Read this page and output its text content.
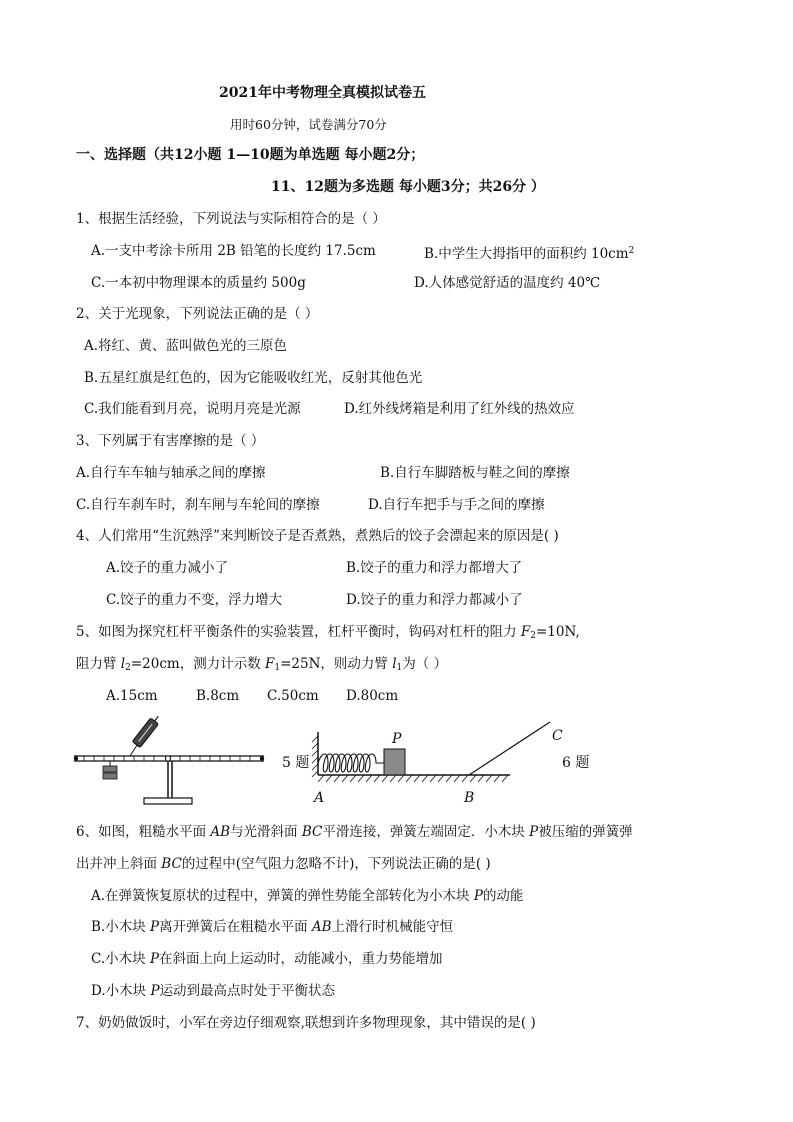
2021年中考物理全真模拟试卷五
用时60分钟，试卷满分70分
一、选择题（共12小题 1—10题为单选题 每小题2分；
11、12题为多选题 每小题3分；共26分 ）
1、根据生活经验，下列说法与实际相符合的是（ ）
A.一支中考涂卡所用 2B 铅笔的长度约 17.5cm	B.中学生大拇指甲的面积约 $10cm^2$
C.一本初中物理课本的质量约 500g	D.人体感觉舒适的温度约 40℃
2、关于光现象，下列说法正确的是（ ）
A.将红、黄、蓝叫做色光的三原色
B.五星红旗是红色的，因为它能吸收红光，反射其他色光
C.我们能看到月亮，说明月亮是光源	D.红外线烤箱是利用了红外线的热效应
3、下列属于有害摩擦的是（ ）
A.自行车车轴与轴承之间的摩擦	B.自行车脚踏板与鞋之间的摩擦
C.自行车刹车时，刹车闸与车轮间的摩擦	D.自行车把手与手之间的摩擦
4、人们常用“生沉熟浮”来判断饺子是否煮熟，煮熟后的饺子会漂起来的原因是( )
A.饺子的重力减小了	B.饺子的重力和浮力都增大了
C.饺子的重力不变，浮力增大	D.饺子的重力和浮力都减小了
5、如图为探究杠杆平衡条件的实验装置，杠杆平衡时，钩码对杠杆的阻力 $F_2=10N$,
阻力臂 $l_2=20cm$，测力计示数 $F_1=25N$，则动力臂 $l_1$为（ ）
A.15cm	B.8cm C.50cm D.80cm
5 题	6 题
P
A	B
C
6、如图，粗糙水平面 AB与光滑斜面 BC平滑连接，弹簧左端固定．小木块 P被压缩的弹簧弹
出并冲上斜面 BC的过程中(空气阻力忽略不计)，下列说法正确的是( )
A.在弹簧恢复原状的过程中，弹簧的弹性势能全部转化为小木块 P的动能
B.小木块 P离开弹簧后在粗糙水平面 AB上滑行时机械能守恒
C.小木块 P在斜面上向上运动时，动能减小，重力势能增加
D.小木块 P运动到最高点时处于平衡状态
7、奶奶做饭时，小军在旁边仔细观察,联想到许多物理现象，其中错误的是( )
